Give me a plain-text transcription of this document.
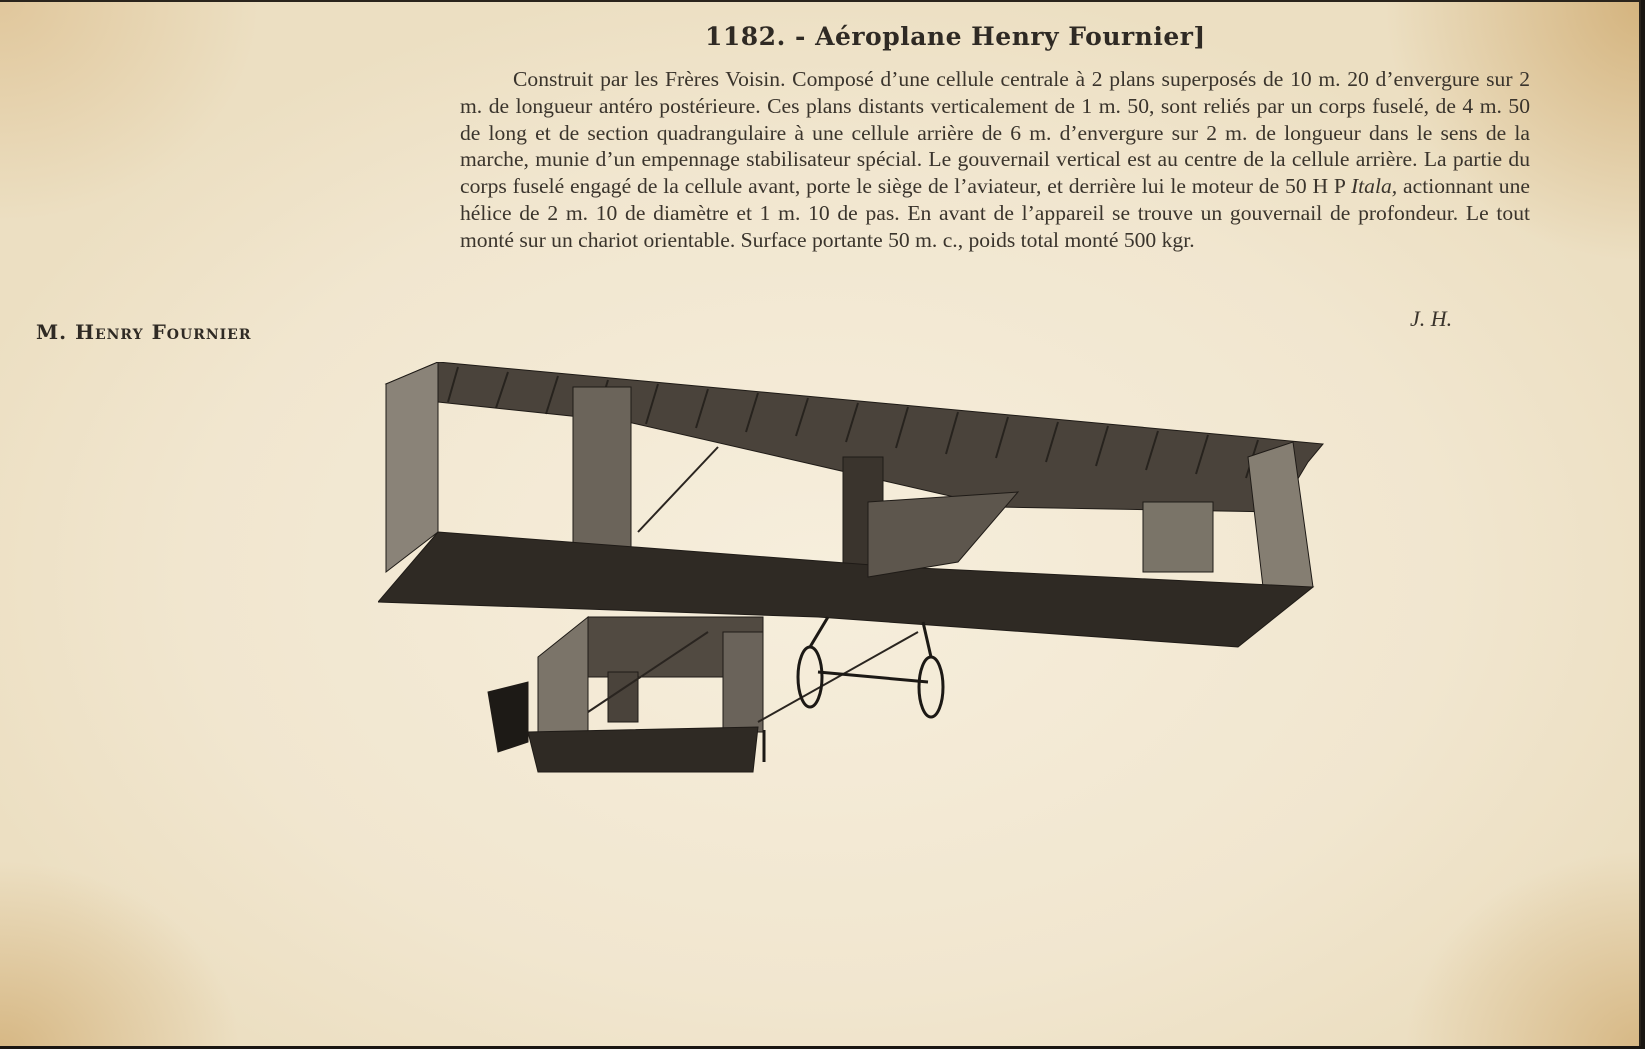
1182. - Aéroplane Henry Fournier]
Construit par les Frères Voisin. Composé d’une cellule centrale à 2 plans superposés de 10 m. 20 d’envergure sur 2 m. de longueur antéro postérieure. Ces plans distants verticalement de 1 m. 50, sont reliés par un corps fuselé, de 4 m. 50 de long et de section quadrangulaire à une cellule arrière de 6 m. d’envergure sur 2 m. de longueur dans le sens de la marche, munie d’un empennage stabilisateur spécial. Le gouvernail vertical est au centre de la cellule arrière. La partie du corps fuselé engagé de la cellule avant, porte le siège de l’aviateur, et derrière lui le moteur de 50 H P Itala, actionnant une hélice de 2 m. 10 de diamètre et 1 m. 10 de pas. En avant de l’appareil se trouve un gouvernail de profondeur. Le tout monté sur un chariot orientable. Surface portante 50 m. c., poids total monté 500 kgr.
J. H.
M. Henry Fournier
